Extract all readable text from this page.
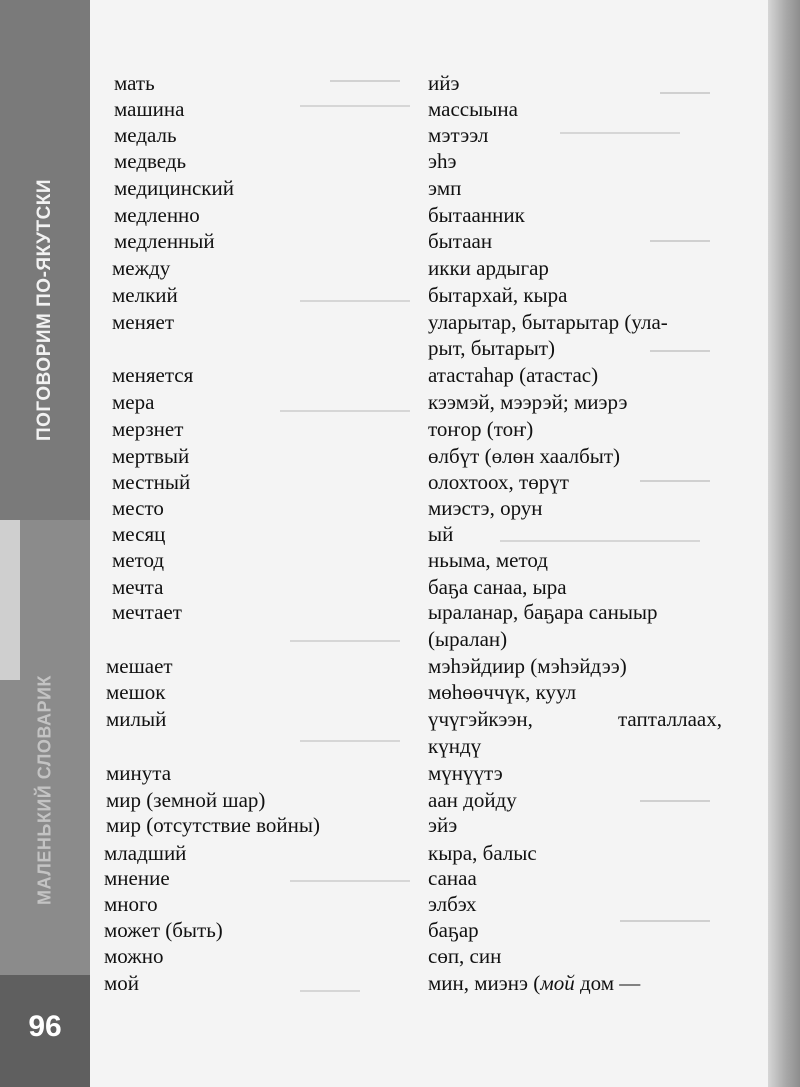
ПОГОВОРИМ ПО-ЯКУТСКИ
МАЛЕНЬКИЙ СЛОВАРИК
96
мать	ийэ
машина	массыына
медаль	мэтээл
медведь	эһэ
медицинский	эмп
медленно	бытаанник
медленный	бытаан
между	икки ардыгар
мелкий	бытархай, кыра
меняет	уларытар, бытарытар (ула-
рыт, бытарыт)
меняется	атастаһар (атастас)
мера	кээмэй, мээрэй; миэрэ
мерзнет	тоҥор (тоҥ)
мертвый	өлбүт (өлөн хаалбыт)
местный	олохтоох, төрүт
место	миэстэ, орун
месяц	ый
метод	ньыма, метод
мечта	баҕа санаа, ыра
мечтает	ыраланар, баҕара саныыр
(ыралан)
мешает	мэһэйдиир (мэһэйдээ)
мешок	мөһөөччүк, куул
милый	үчүгэйкээн, тапталлаах,
күндү
минута	мүнүүтэ
мир (земной шар)	аан дойду
мир (отсутствие войны)	эйэ
младший	кыра, балыс
мнение	санаа
много	элбэх
может (быть)	баҕар
можно	сөп, син
мой	мин, миэнэ (мой дом —
